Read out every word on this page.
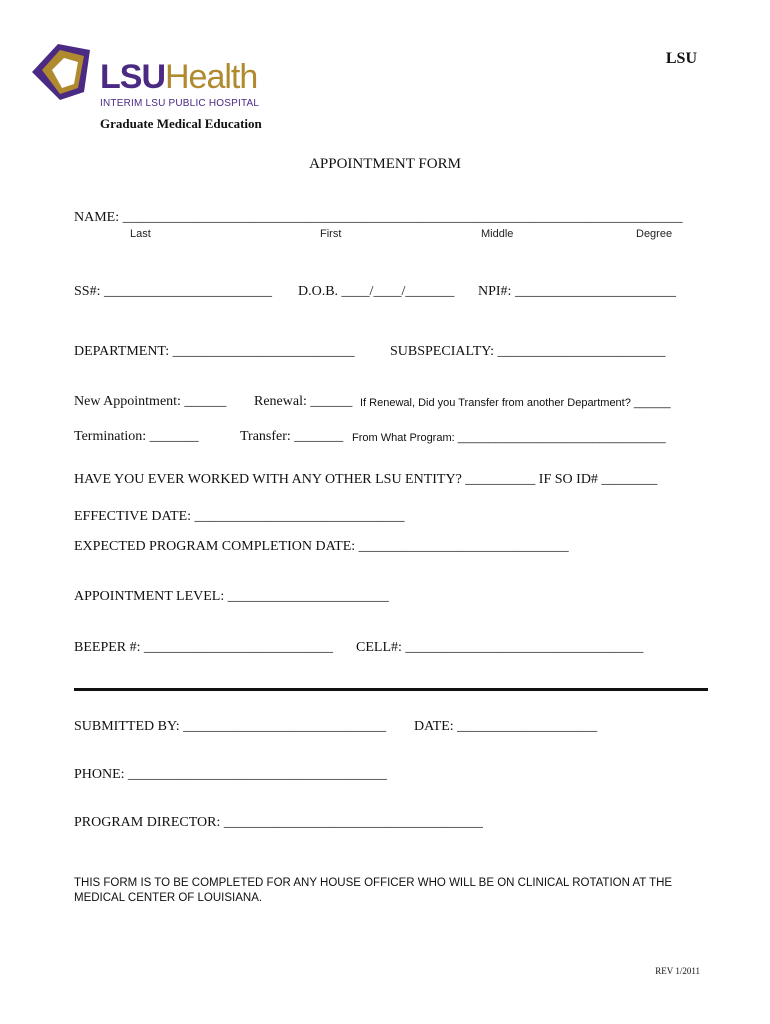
LSUHealth
INTERIM LSU PUBLIC HOSPITAL
LSU
Graduate Medical Education
APPOINTMENT FORM
NAME: ________________________________________________________________________________
Last	First	Middle	Degree
SS#: ________________________ D.O.B. ____/____/_______ NPI#: _______________________
DEPARTMENT: __________________________	SUBSPECIALTY: ________________________
New Appointment: ______ Renewal: ______ If Renewal, Did you Transfer from another Department? ______
Termination: _______	Transfer: _______ From What Program: __________________________________
HAVE YOU EVER WORKED WITH ANY OTHER LSU ENTITY? __________ IF SO ID# ________
EFFECTIVE DATE: ______________________________
EXPECTED PROGRAM COMPLETION DATE: ______________________________
APPOINTMENT LEVEL: _______________________
BEEPER #: ___________________________ CELL#: __________________________________
SUBMITTED BY: _____________________________ DATE: ____________________
PHONE: _____________________________________
PROGRAM DIRECTOR: _____________________________________
THIS FORM IS TO BE COMPLETED FOR ANY HOUSE OFFICER WHO WILL BE ON CLINICAL ROTATION AT THE MEDICAL CENTER OF LOUISIANA.
REV 1/2011
